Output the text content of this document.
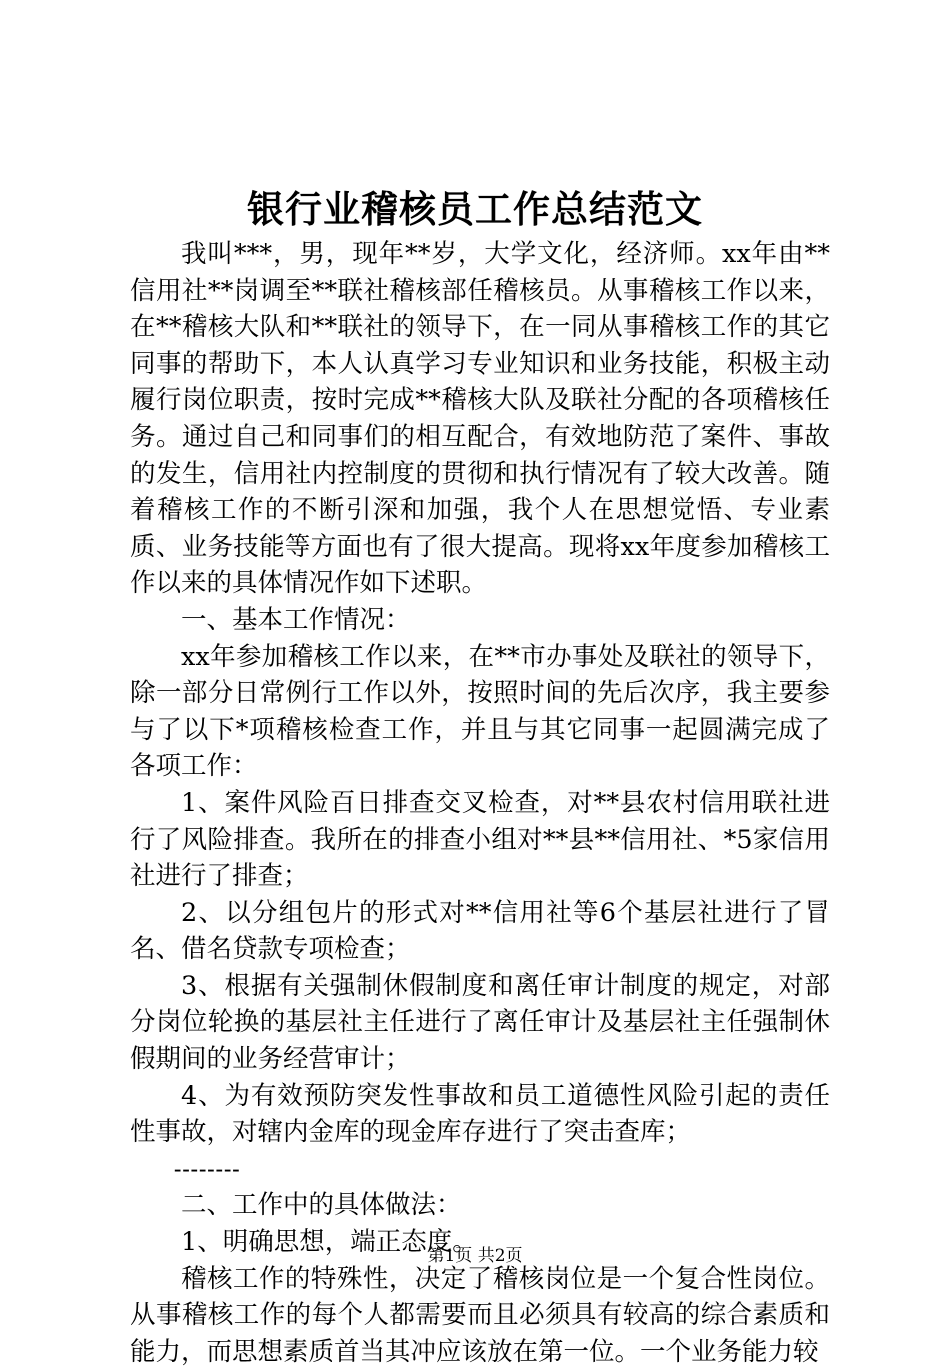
银行业稽核员工作总结范文

我叫***，男，现年**岁，大学文化，经济师。xx年由**信用社**岗调至**联社稽核部任稽核员。从事稽核工作以来，在**稽核大队和**联社的领导下，在一同从事稽核工作的其它同事的帮助下，本人认真学习专业知识和业务技能，积极主动履行岗位职责，按时完成**稽核大队及联社分配的各项稽核任务。通过自己和同事们的相互配合，有效地防范了案件、事故的发生，信用社内控制度的贯彻和执行情况有了较大改善。随着稽核工作的不断引深和加强，我个人在思想觉悟、专业素质、业务技能等方面也有了很大提高。现将xx年度参加稽核工作以来的具体情况作如下述职。

一、基本工作情况：

xx年参加稽核工作以来，在**市办事处及联社的领导下，除一部分日常例行工作以外，按照时间的先后次序，我主要参与了以下*项稽核检查工作，并且与其它同事一起圆满完成了各项工作：

1、案件风险百日排查交叉检查，对**县农村信用联社进行了风险排查。我所在的排查小组对**县**信用社、*5家信用社进行了排查；

2、以分组包片的形式对**信用社等6个基层社进行了冒名、借名贷款专项检查；

3、根据有关强制休假制度和离任审计制度的规定，对部分岗位轮换的基层社主任进行了离任审计及基层社主任强制休假期间的业务经营审计；

4、为有效预防突发性事故和员工道德性风险引起的责任性事故，对辖内金库的现金库存进行了突击查库；

--------

二、工作中的具体做法：

1、明确思想，端正态度。

稽核工作的特殊性，决定了稽核岗位是一个复合性岗位。从事稽核工作的每个人都需要而且必须具有较高的综合素质和能力，而思想素质首当其冲应该放在第一位。一个业务能力较

第1页 共2页
